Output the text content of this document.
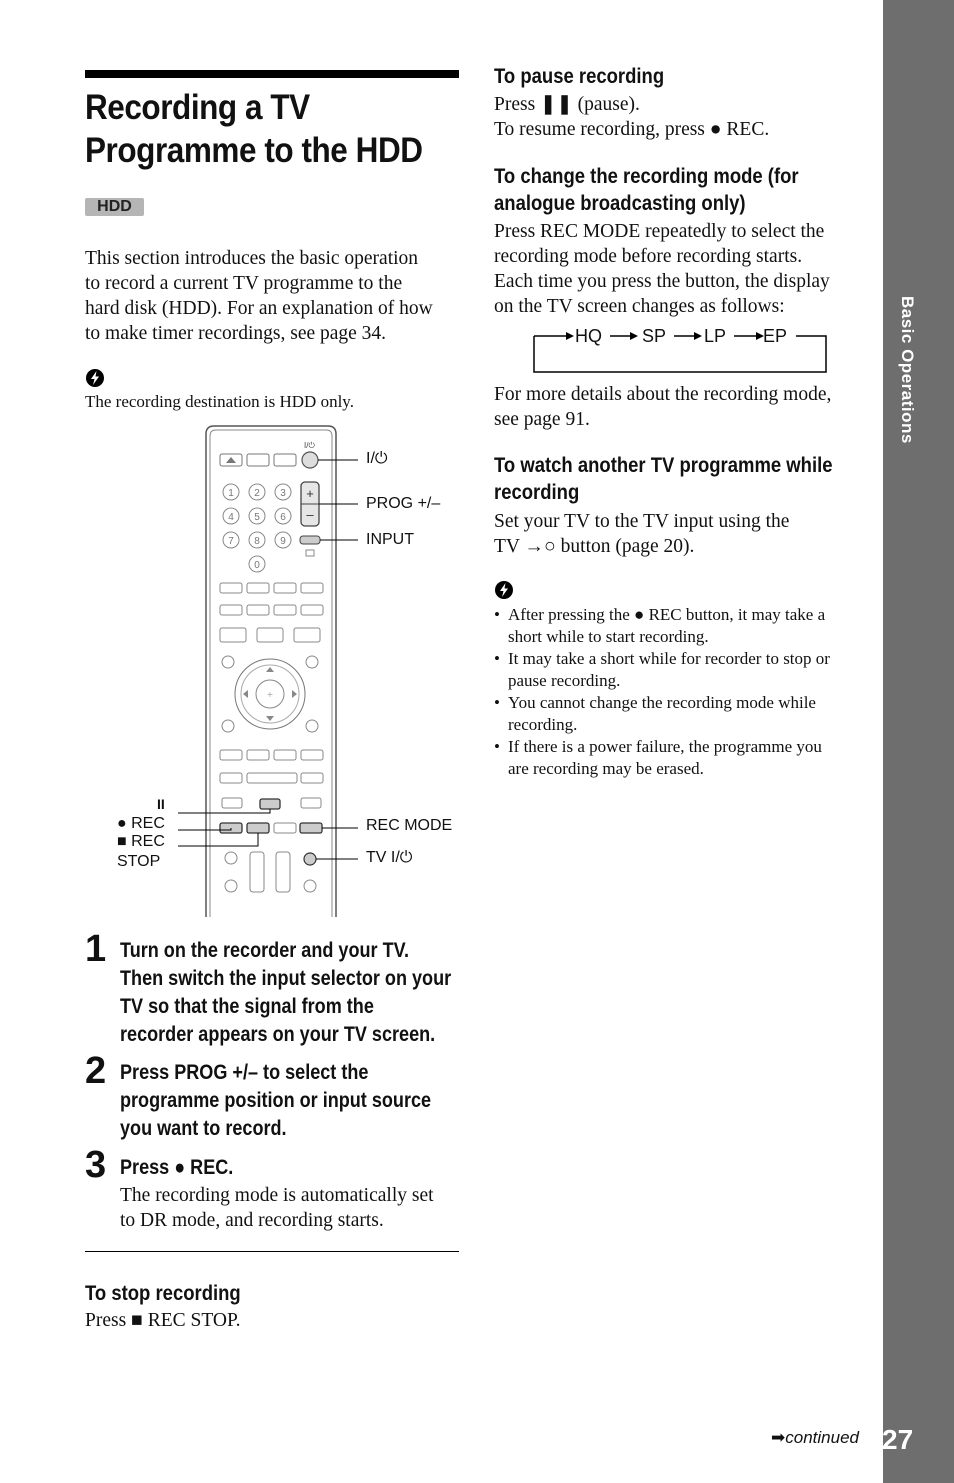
Basic Operations
27
➡continued
Recording a TV
Programme to the HDD
HDD
This section introduces the basic operation
to record a current TV programme to the
hard disk (HDD). For an explanation of how
to make timer recordings, see page 34.
The recording destination is HDD only.
I/⏻
1 2 3
4 5 6
7 8 9
0
+
–
+
I/⏻
PROG +/–
INPUT
REC MODE
TV I/⏻
II
● REC
■ REC
STOP
1 Turn on the recorder and your TV.
Then switch the input selector on your
TV so that the signal from the
recorder appears on your TV screen.
2 Press PROG +/– to select the
programme position or input source
you want to record.
3 Press ● REC.
The recording mode is automatically set
to DR mode, and recording starts.
To stop recording
Press ■ REC STOP.
To pause recording
Press ❚❚ (pause).
To resume recording, press ● REC.
To change the recording mode (for
analogue broadcasting only)
Press REC MODE repeatedly to select the
recording mode before recording starts.
Each time you press the button, the display
on the TV screen changes as follows:
HQ SP LP EP
For more details about the recording mode,
see page 91.
To watch another TV programme while
recording
Set your TV to the TV input using the
TV →○ button (page 20).
• After pressing the ● REC button, it may take a
short while to start recording.
• It may take a short while for recorder to stop or
pause recording.
• You cannot change the recording mode while
recording.
• If there is a power failure, the programme you
are recording may be erased.
